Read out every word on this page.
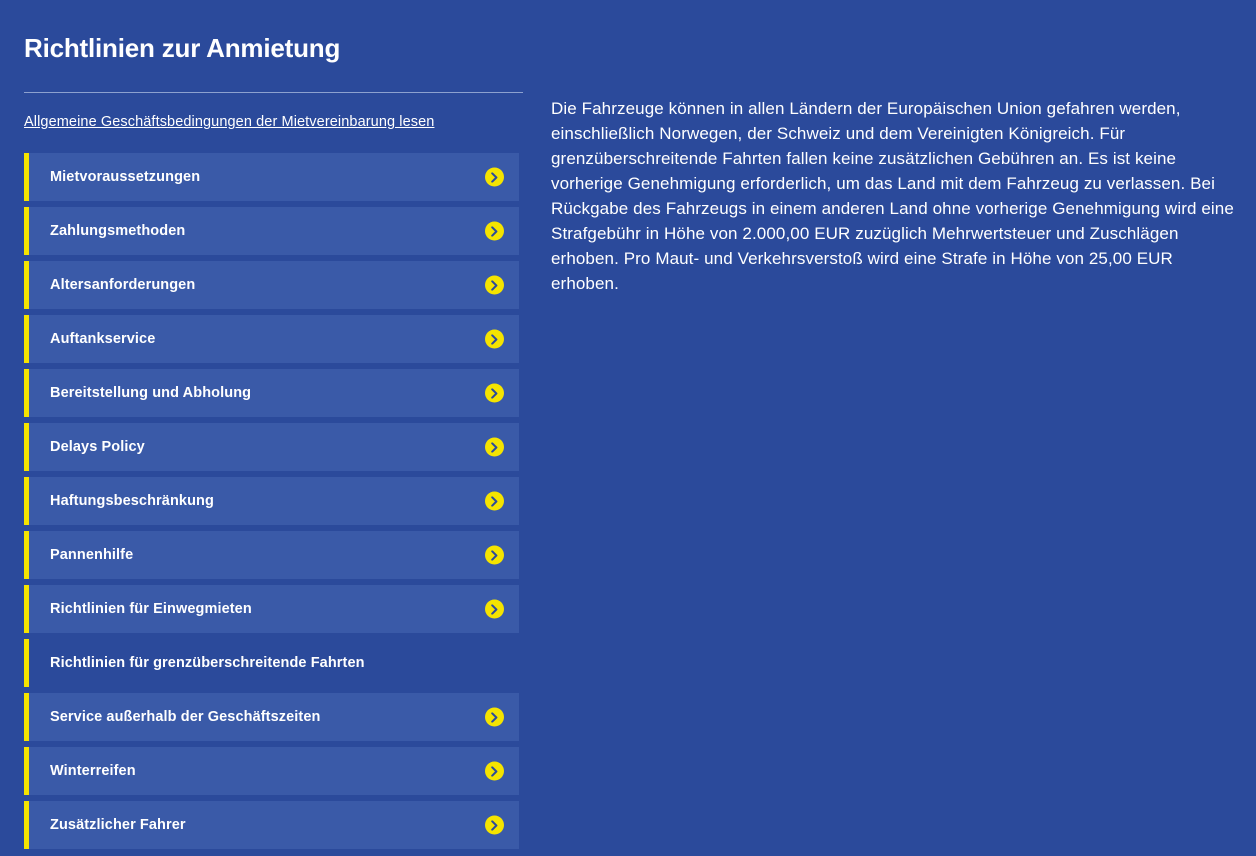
Richtlinien zur Anmietung
Allgemeine Geschäftsbedingungen der Mietvereinbarung lesen
Mietvoraussetzungen
Zahlungsmethoden
Altersanforderungen
Auftankservice
Bereitstellung und Abholung
Delays Policy
Haftungsbeschränkung
Pannenhilfe
Richtlinien für Einwegmieten
Richtlinien für grenzüberschreitende Fahrten
Service außerhalb der Geschäftszeiten
Winterreifen
Zusätzlicher Fahrer

Die Fahrzeuge können in allen Ländern der Europäischen Union gefahren werden, einschließlich Norwegen, der Schweiz und dem Vereinigten Königreich. Für grenzüberschreitende Fahrten fallen keine zusätzlichen Gebühren an. Es ist keine vorherige Genehmigung erforderlich, um das Land mit dem Fahrzeug zu verlassen. Bei Rückgabe des Fahrzeugs in einem anderen Land ohne vorherige Genehmigung wird eine Strafgebühr in Höhe von 2.000,00 EUR zuzüglich Mehrwertsteuer und Zuschlägen erhoben. Pro Maut- und Verkehrsverstoß wird eine Strafe in Höhe von 25,00 EUR erhoben.
